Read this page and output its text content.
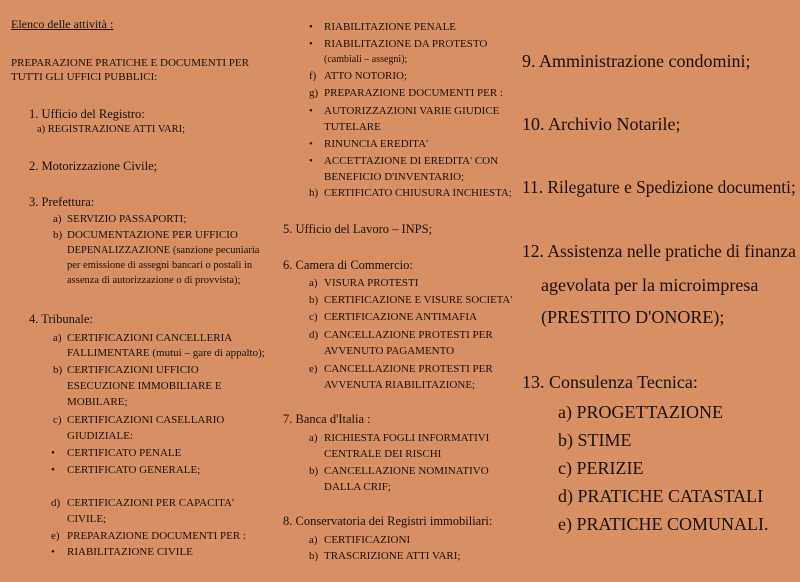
Elenco delle attività :
PREPARAZIONE PRATICHE E DOCUMENTI PER
TUTTI GLI UFFICI PUBBLICI:
1. Ufficio del Registro:
a) REGISTRAZIONE ATTI VARI;
2. Motorizzazione Civile;
3. Prefettura:
a) SERVIZIO PASSAPORTI;
b) DOCUMENTAZIONE PER UFFICIO
DEPENALIZZAZIONE (sanzione pecuniaria
per emissione di assegni bancari o postali in
assenza di autorizzazione o di provvista);
4. Tribunale:
a) CERTIFICAZIONI CANCELLERIA
FALLIMENTARE (mutui – gare di appalto);
b) CERTIFICAZIONI UFFICIO
ESECUZIONE IMMOBILIARE E
MOBILARE;
c) CERTIFICAZIONI CASELLARIO
GIUDIZIALE:
• CERTIFICATO PENALE
• CERTIFICATO GENERALE;
d) CERTIFICAZIONI PER CAPACITA'
CIVILE;
e) PREPARAZIONE DOCUMENTI PER :
• RIABILITAZIONE CIVILE
• RIABILITAZIONE PENALE
• RIABILITAZIONE DA PROTESTO
(cambiali – assegni);
f) ATTO NOTORIO;
g) PREPARAZIONE DOCUMENTI PER :
• AUTORIZZAZIONI VARIE GIUDICE
TUTELARE
• RINUNCIA EREDITA'
• ACCETTAZIONE DI EREDITA' CON
BENEFICIO D'INVENTARIO;
h) CERTIFICATO CHIUSURA INCHIESTA;
5. Ufficio del Lavoro – INPS;
6. Camera di Commercio:
a) VISURA PROTESTI
b) CERTIFICAZIONE E VISURE SOCIETA'
c) CERTIFICAZIONE ANTIMAFIA
d) CANCELLAZIONE PROTESTI PER
AVVENUTO PAGAMENTO
e) CANCELLAZIONE PROTESTI PER
AVVENUTA RIABILITAZIONE;
7. Banca d'Italia :
a) RICHIESTA FOGLI INFORMATIVI
CENTRALE DEI RISCHI
b) CANCELLAZIONE NOMINATIVO
DALLA CRIF;
8. Conservatoria dei Registri immobiliari:
a) CERTIFICAZIONI
b) TRASCRIZIONE ATTI VARI;
9. Amministrazione condomini;
10. Archivio Notarile;
11. Rilegature e Spedizione documenti;
12. Assistenza nelle pratiche di finanza
agevolata per la microimpresa
(PRESTITO D'ONORE);
13. Consulenza Tecnica:
a) PROGETTAZIONE
b) STIME
c) PERIZIE
d) PRATICHE CATASTALI
e) PRATICHE COMUNALI.
